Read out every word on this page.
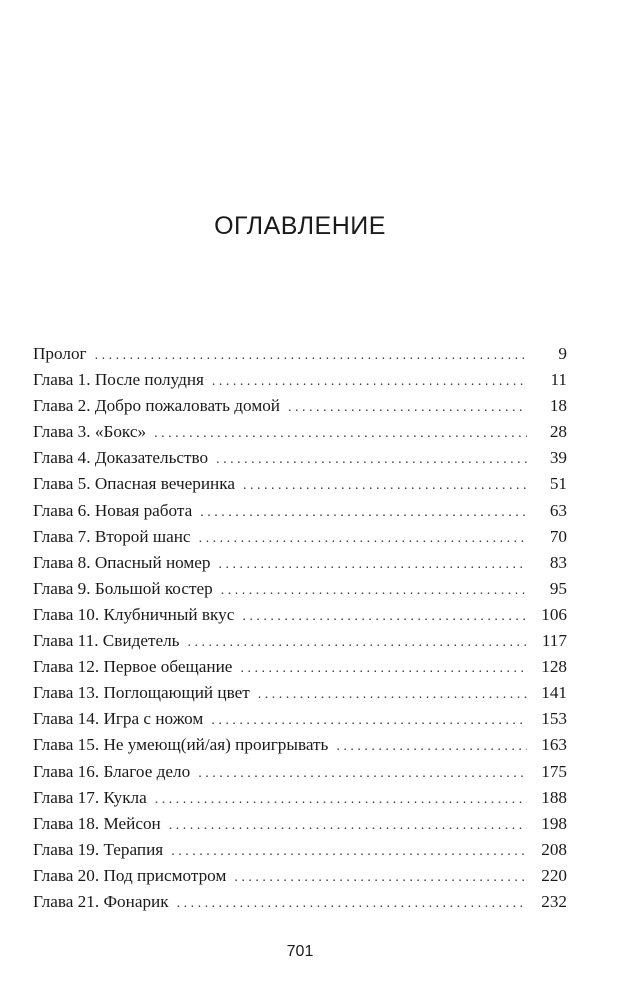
ОГЛАВЛЕНИЕ
Пролог . . .	9
Глава 1. После полудня . . .	11
Глава 2. Добро пожаловать домой . . .	18
Глава 3. «Бокс» . . .	28
Глава 4. Доказательство . . .	39
Глава 5. Опасная вечеринка . . .	51
Глава 6. Новая работа . . .	63
Глава 7. Второй шанс . . .	70
Глава 8. Опасный номер . . .	83
Глава 9. Большой костер . . .	95
Глава 10. Клубничный вкус . . .	106
Глава 11. Свидетель . . .	117
Глава 12. Первое обещание . . .	128
Глава 13. Поглощающий цвет . . .	141
Глава 14. Игра с ножом . . .	153
Глава 15. Не умеющ(ий/ая) проигрывать . . .	163
Глава 16. Благое дело . . .	175
Глава 17. Кукла . . .	188
Глава 18. Мейсон . . .	198
Глава 19. Терапия . . .	208
Глава 20. Под присмотром . . .	220
Глава 21. Фонарик . . .	232
701
